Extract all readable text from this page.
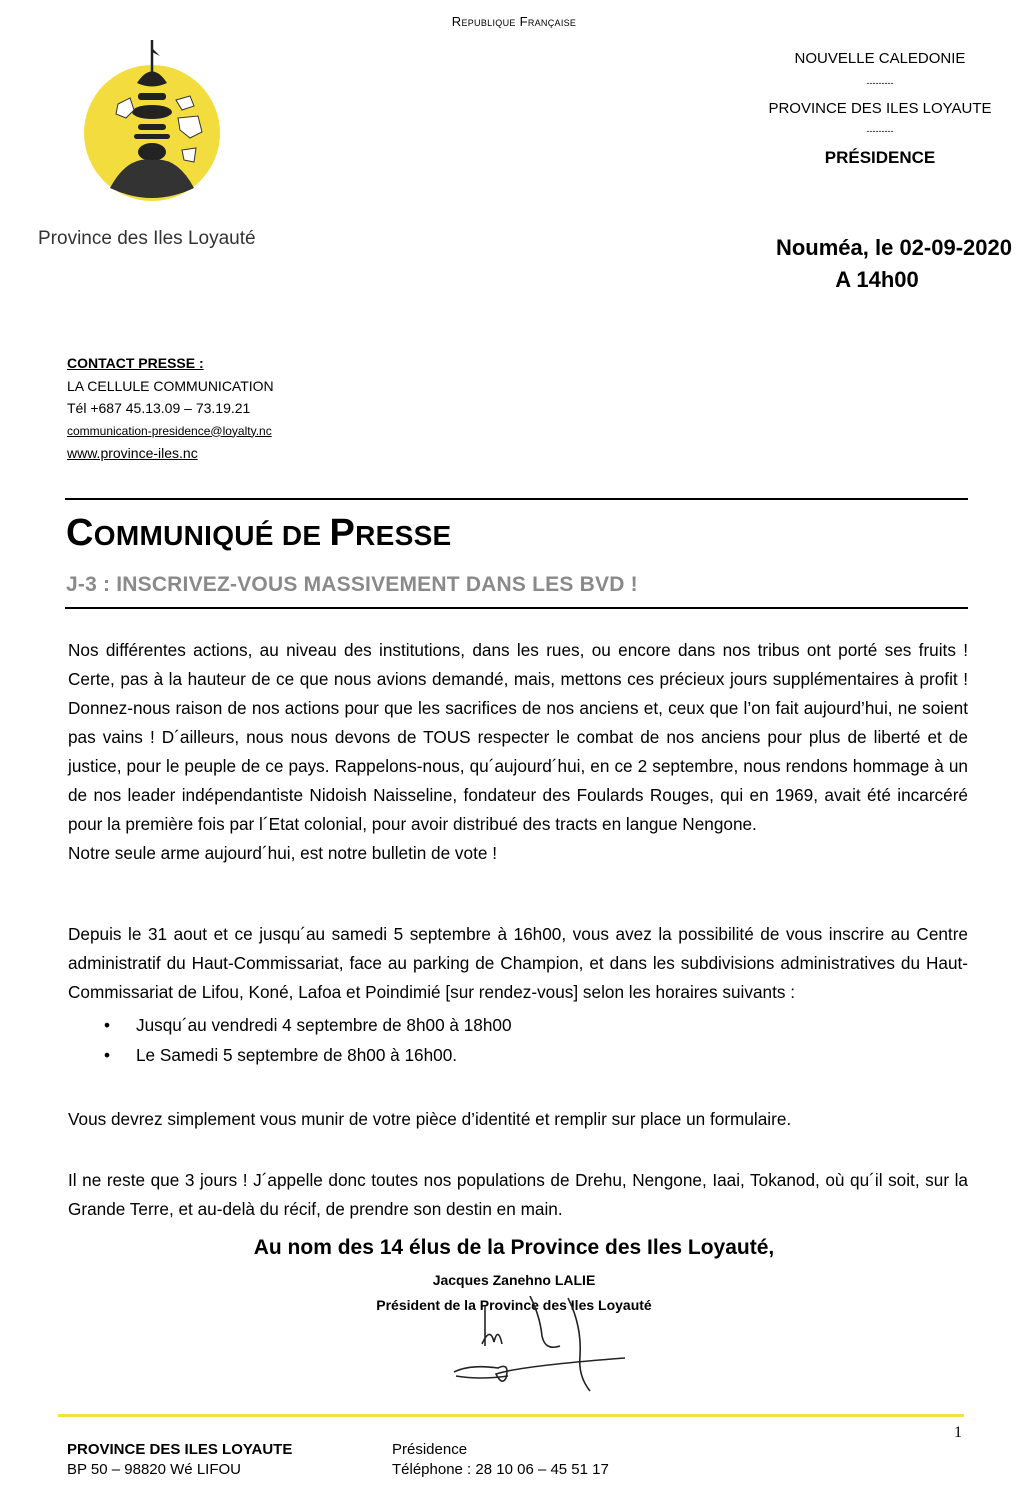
Republique Française
Province des Iles Loyauté
NOUVELLE CALEDONIE
---------
PROVINCE DES ILES LOYAUTE
---------
PRÉSIDENCE
Nouméa, le 02-09-2020
A 14h00
CONTACT PRESSE :
LA CELLULE COMMUNICATION
Tél +687 45.13.09 – 73.19.21
communication-presidence@loyalty.nc
www.province-iles.nc
COMMUNIQUÉ DE PRESSE
J-3 : INSCRIVEZ-VOUS MASSIVEMENT DANS LES BVD !
Nos différentes actions, au niveau des institutions, dans les rues, ou encore dans nos tribus ont porté ses fruits ! Certe, pas à la hauteur de ce que nous avions demandé, mais, mettons ces précieux jours supplémentaires à profit ! Donnez-nous raison de nos actions pour que les sacrifices de nos anciens et, ceux que l’on fait aujourd’hui, ne soient pas vains ! D´ailleurs, nous nous devons de TOUS respecter le combat de nos anciens pour plus de liberté et de justice, pour le peuple de ce pays. Rappelons-nous, qu´aujourd´hui, en ce 2 septembre, nous rendons hommage à un de nos leader indépendantiste Nidoish Naisseline, fondateur des Foulards Rouges, qui en 1969, avait été incarcéré pour la première fois par l´Etat colonial, pour avoir distribué des tracts en langue Nengone.
Notre seule arme aujourd´hui, est notre bulletin de vote !
Depuis le 31 aout et ce jusqu´au samedi 5 septembre à 16h00, vous avez la possibilité de vous inscrire au Centre administratif du Haut-Commissariat, face au parking de Champion, et dans les subdivisions administratives du Haut-Commissariat de Lifou, Koné, Lafoa et Poindimié [sur rendez-vous] selon les horaires suivants :
• Jusqu´au vendredi 4 septembre de 8h00 à 18h00
• Le Samedi 5 septembre de 8h00 à 16h00.
Vous devrez simplement vous munir de votre pièce d’identité et remplir sur place un formulaire.
Il ne reste que 3 jours ! J´appelle donc toutes nos populations de Drehu, Nengone, Iaai, Tokanod, où qu´il soit, sur la Grande Terre, et au-delà du récif, de prendre son destin en main.
Au nom des 14 élus de la Province des Iles Loyauté,
Jacques Zanehno LALIE
Président de la Province des Iles Loyauté
1
PROVINCE DES ILES LOYAUTE
BP 50 – 98820 Wé LIFOU
Présidence
Téléphone : 28 10 06 – 45 51 17
